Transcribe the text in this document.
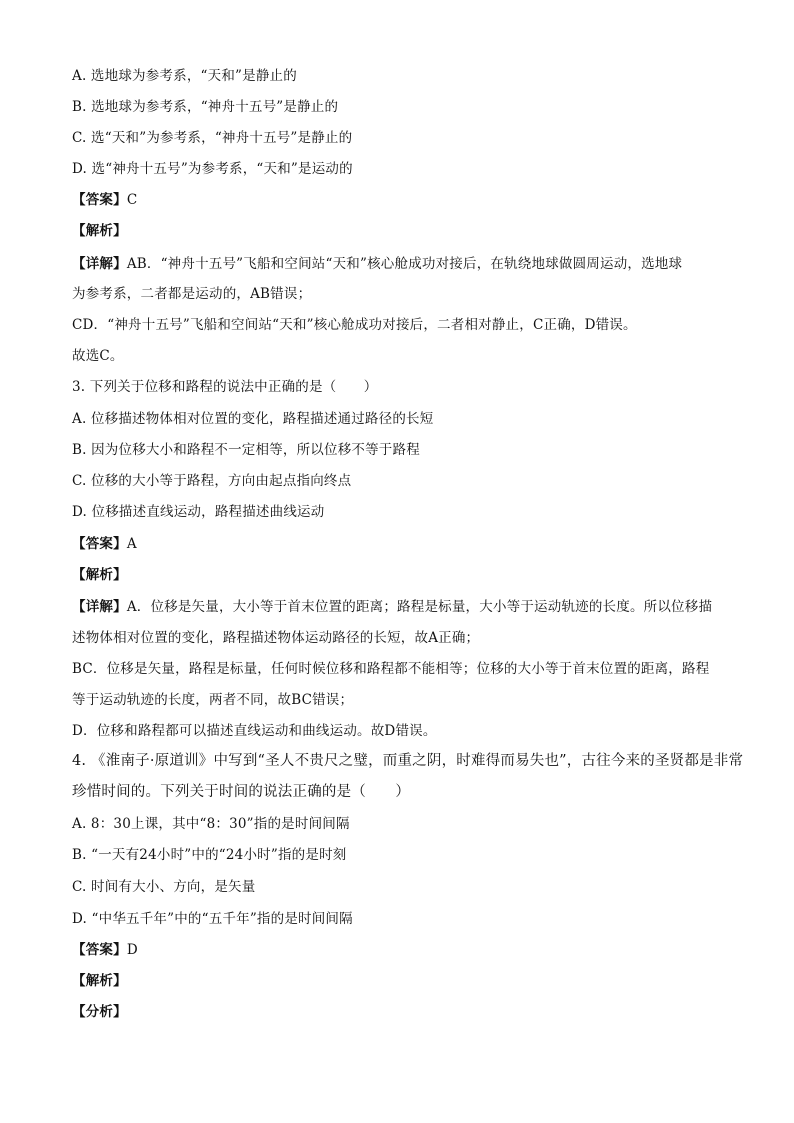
A. 选地球为参考系，“天和”是静止的
B. 选地球为参考系，“神舟十五号”是静止的
C. 选“天和”为参考系，“神舟十五号”是静止的
D. 选“神舟十五号”为参考系，“天和”是运动的
【答案】C
【解析】
【详解】AB．“神舟十五号”飞船和空间站“天和”核心舱成功对接后，在轨绕地球做圆周运动，选地球
为参考系，二者都是运动的，AB错误；
CD．“神舟十五号”飞船和空间站“天和”核心舱成功对接后，二者相对静止，C正确，D错误。
故选C。
3. 下列关于位移和路程的说法中正确的是（　　）
A. 位移描述物体相对位置的变化，路程描述通过路径的长短
B. 因为位移大小和路程不一定相等，所以位移不等于路程
C. 位移的大小等于路程，方向由起点指向终点
D. 位移描述直线运动，路程描述曲线运动
【答案】A
【解析】
【详解】A．位移是矢量，大小等于首末位置的距离；路程是标量，大小等于运动轨迹的长度。所以位移描
述物体相对位置的变化，路程描述物体运动路径的长短，故A正确；
BC．位移是矢量，路程是标量，任何时候位移和路程都不能相等；位移的大小等于首末位置的距离，路程
等于运动轨迹的长度，两者不同，故BC错误；
D．位移和路程都可以描述直线运动和曲线运动。故D错误。
4. 《淮南子·原道训》中写到“圣人不贵尺之璧，而重之阴，时难得而易失也”，古往今来的圣贤都是非常
珍惜时间的。下列关于时间的说法正确的是（　　）
A. 8：30上课，其中“8：30”指的是时间间隔
B. “一天有24小时”中的“24小时”指的是时刻
C. 时间有大小、方向，是矢量
D. “中华五千年”中的“五千年”指的是时间间隔
【答案】D
【解析】
【分析】
